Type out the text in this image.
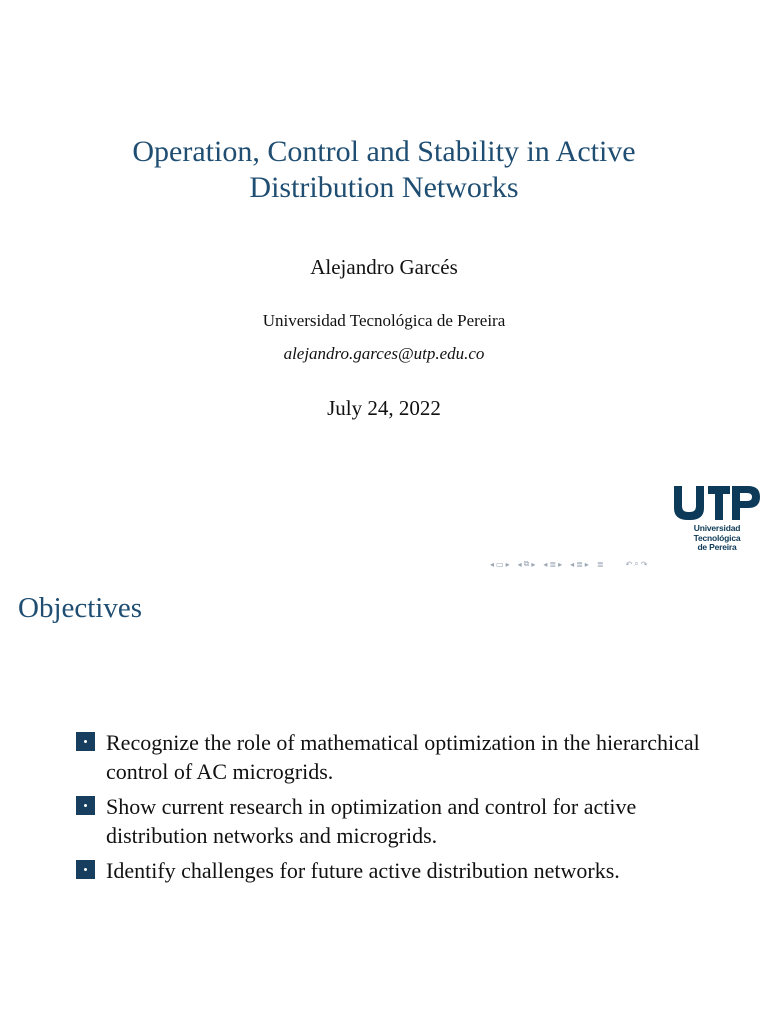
Operation, Control and Stability in Active
Distribution Networks
Alejandro Garcés
Universidad Tecnológica de Pereira
alejandro.garces@utp.edu.co
July 24, 2022
Universidad Tecnológica
de Pereira
◂ ▭ ▸ ◂ ⧉ ▸ ◂ ≣ ▸ ◂ ≣ ▸ ≣	↶ ⌕ ↷
Objectives
Recognize the role of mathematical optimization in the hierarchical control of AC microgrids.
Show current research in optimization and control for active distribution networks and microgrids.
Identify challenges for future active distribution networks.
